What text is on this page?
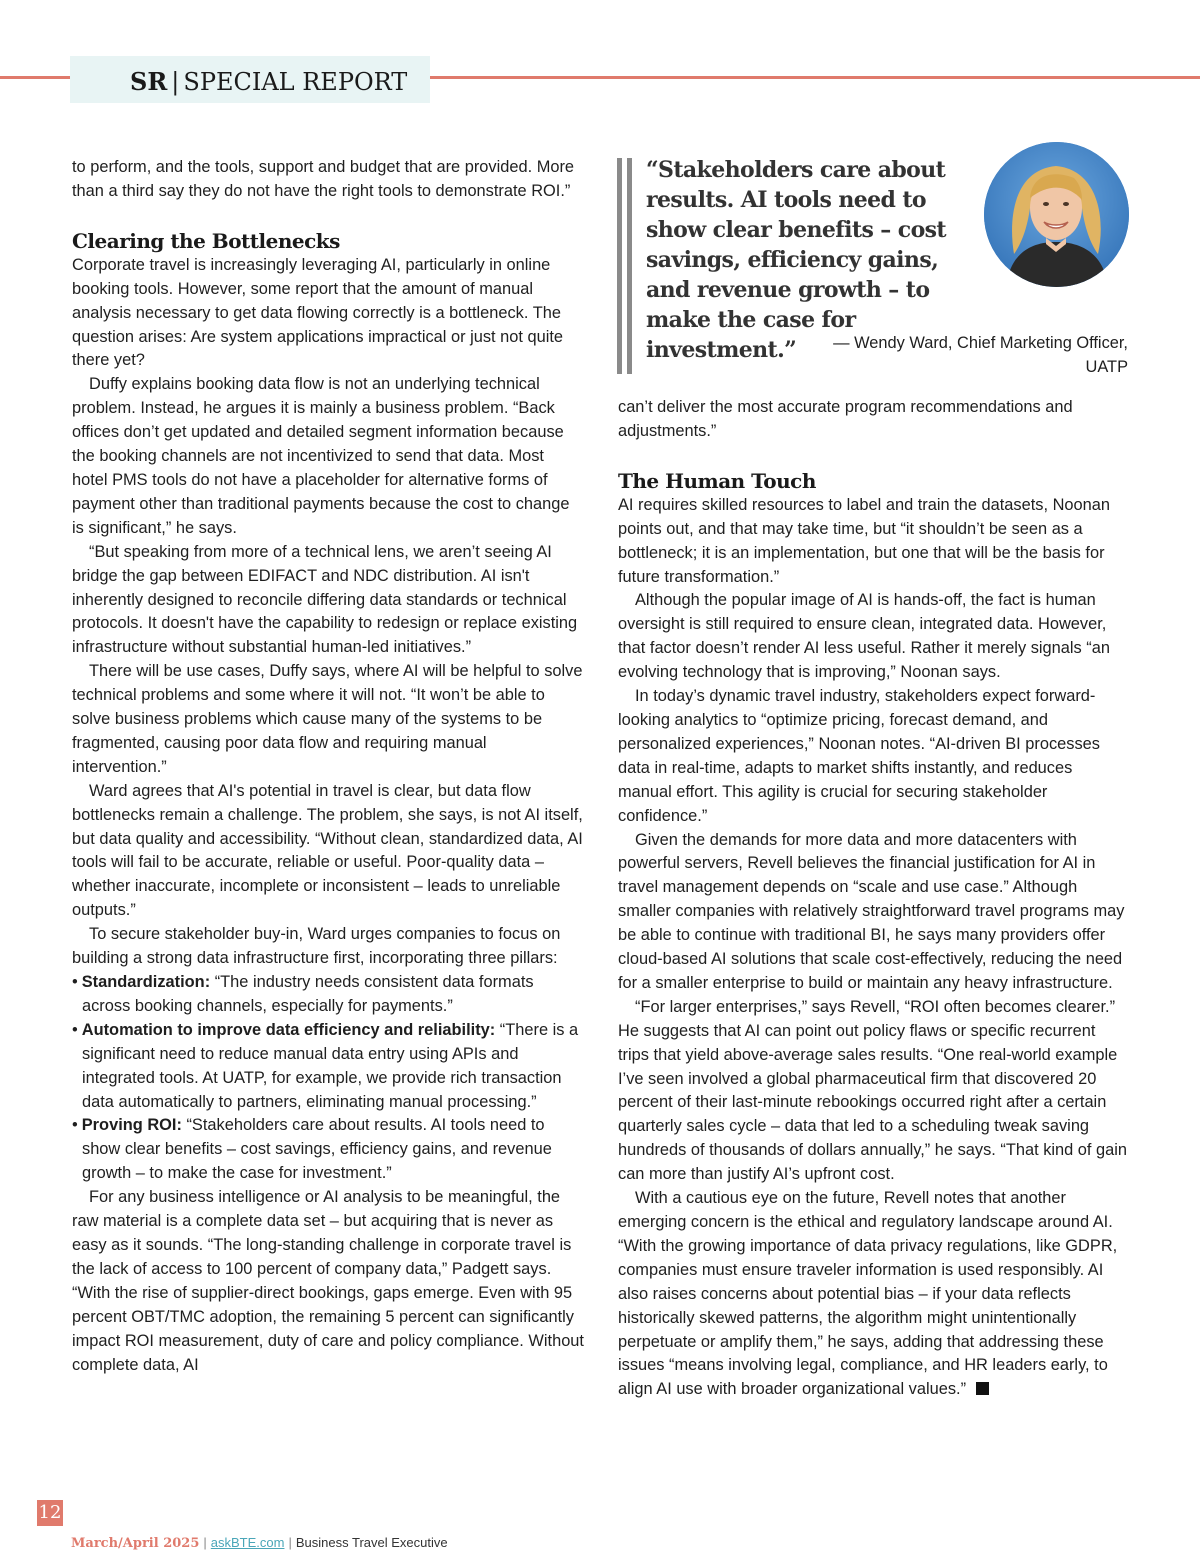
SR | SPECIAL REPORT

to perform, and the tools, support and budget that are provided. More than a third say they do not have the right tools to demonstrate ROI.”

Clearing the Bottlenecks

Corporate travel is increasingly leveraging AI, particularly in online booking tools. However, some report that the amount of manual analysis necessary to get data flowing correctly is a bottleneck. The question arises: Are system applications impractical or just not quite there yet?

Duffy explains booking data flow is not an underlying technical problem. Instead, he argues it is mainly a business problem. “Back offices don’t get updated and detailed segment information because the booking channels are not incentivized to send that data. Most hotel PMS tools do not have a placeholder for alternative forms of payment other than traditional payments because the cost to change is significant,” he says.

“But speaking from more of a technical lens, we aren’t seeing AI bridge the gap between EDIFACT and NDC distribution. AI isn't inherently designed to reconcile differing data standards or technical protocols. It doesn't have the capability to redesign or replace existing infrastructure without substantial human-led initiatives.”

There will be use cases, Duffy says, where AI will be helpful to solve technical problems and some where it will not. “It won’t be able to solve business problems which cause many of the systems to be fragmented, causing poor data flow and requiring manual intervention.”

Ward agrees that AI's potential in travel is clear, but data flow bottlenecks remain a challenge. The problem, she says, is not AI itself, but data quality and accessibility. “Without clean, standardized data, AI tools will fail to be accurate, reliable or useful. Poor-quality data – whether inaccurate, incomplete or inconsistent – leads to unreliable outputs.”

To secure stakeholder buy-in, Ward urges companies to focus on building a strong data infrastructure first, incorporating three pillars:

• Standardization: “The industry needs consistent data formats across booking channels, especially for payments.”
• Automation to improve data efficiency and reliability: “There is a significant need to reduce manual data entry using APIs and integrated tools. At UATP, for example, we provide rich transaction data automatically to partners, eliminating manual processing.”
• Proving ROI: “Stakeholders care about results. AI tools need to show clear benefits – cost savings, efficiency gains, and revenue growth – to make the case for investment.”

For any business intelligence or AI analysis to be meaningful, the raw material is a complete data set – but acquiring that is never as easy as it sounds. “The long-standing challenge in corporate travel is the lack of access to 100 percent of company data,” Padgett says. “With the rise of supplier-direct bookings, gaps emerge. Even with 95 percent OBT/TMC adoption, the remaining 5 percent can significantly impact ROI measurement, duty of care and policy compliance. Without complete data, AI

“Stakeholders care about results. AI tools need to show clear benefits – cost savings, efficiency gains, and revenue growth – to make the case for investment.”	— Wendy Ward, Chief Marketing Officer,
UATP

can’t deliver the most accurate program recommendations and adjustments.”

The Human Touch

AI requires skilled resources to label and train the datasets, Noonan points out, and that may take time, but “it shouldn’t be seen as a bottleneck; it is an implementation, but one that will be the basis for future transformation.”

Although the popular image of AI is hands-off, the fact is human oversight is still required to ensure clean, integrated data. However, that factor doesn’t render AI less useful. Rather it merely signals “an evolving technology that is improving,” Noonan says.

In today’s dynamic travel industry, stakeholders expect forward-looking analytics to “optimize pricing, forecast demand, and personalized experiences,” Noonan notes. “AI-driven BI processes data in real-time, adapts to market shifts instantly, and reduces manual effort. This agility is crucial for securing stakeholder confidence.”

Given the demands for more data and more datacenters with powerful servers, Revell believes the financial justification for AI in travel management depends on “scale and use case.” Although smaller companies with relatively straightforward travel programs may be able to continue with traditional BI, he says many providers offer cloud-based AI solutions that scale cost-effectively, reducing the need for a smaller enterprise to build or maintain any heavy infrastructure.

“For larger enterprises,” says Revell, “ROI often becomes clearer.” He suggests that AI can point out policy flaws or specific recurrent trips that yield above-average sales results. “One real-world example I’ve seen involved a global pharmaceutical firm that discovered 20 percent of their last-minute rebookings occurred right after a certain quarterly sales cycle – data that led to a scheduling tweak saving hundreds of thousands of dollars annually,” he says. “That kind of gain can more than justify AI’s upfront cost.

With a cautious eye on the future, Revell notes that another emerging concern is the ethical and regulatory landscape around AI. “With the growing importance of data privacy regulations, like GDPR, companies must ensure traveler information is used responsibly. AI also raises concerns about potential bias – if your data reflects historically skewed patterns, the algorithm might unintentionally perpetuate or amplify them,” he says, adding that addressing these issues “means involving legal, compliance, and HR leaders early, to align AI use with broader organizational values.”

12
March/April 2025 | askBTE.com | Business Travel Executive
